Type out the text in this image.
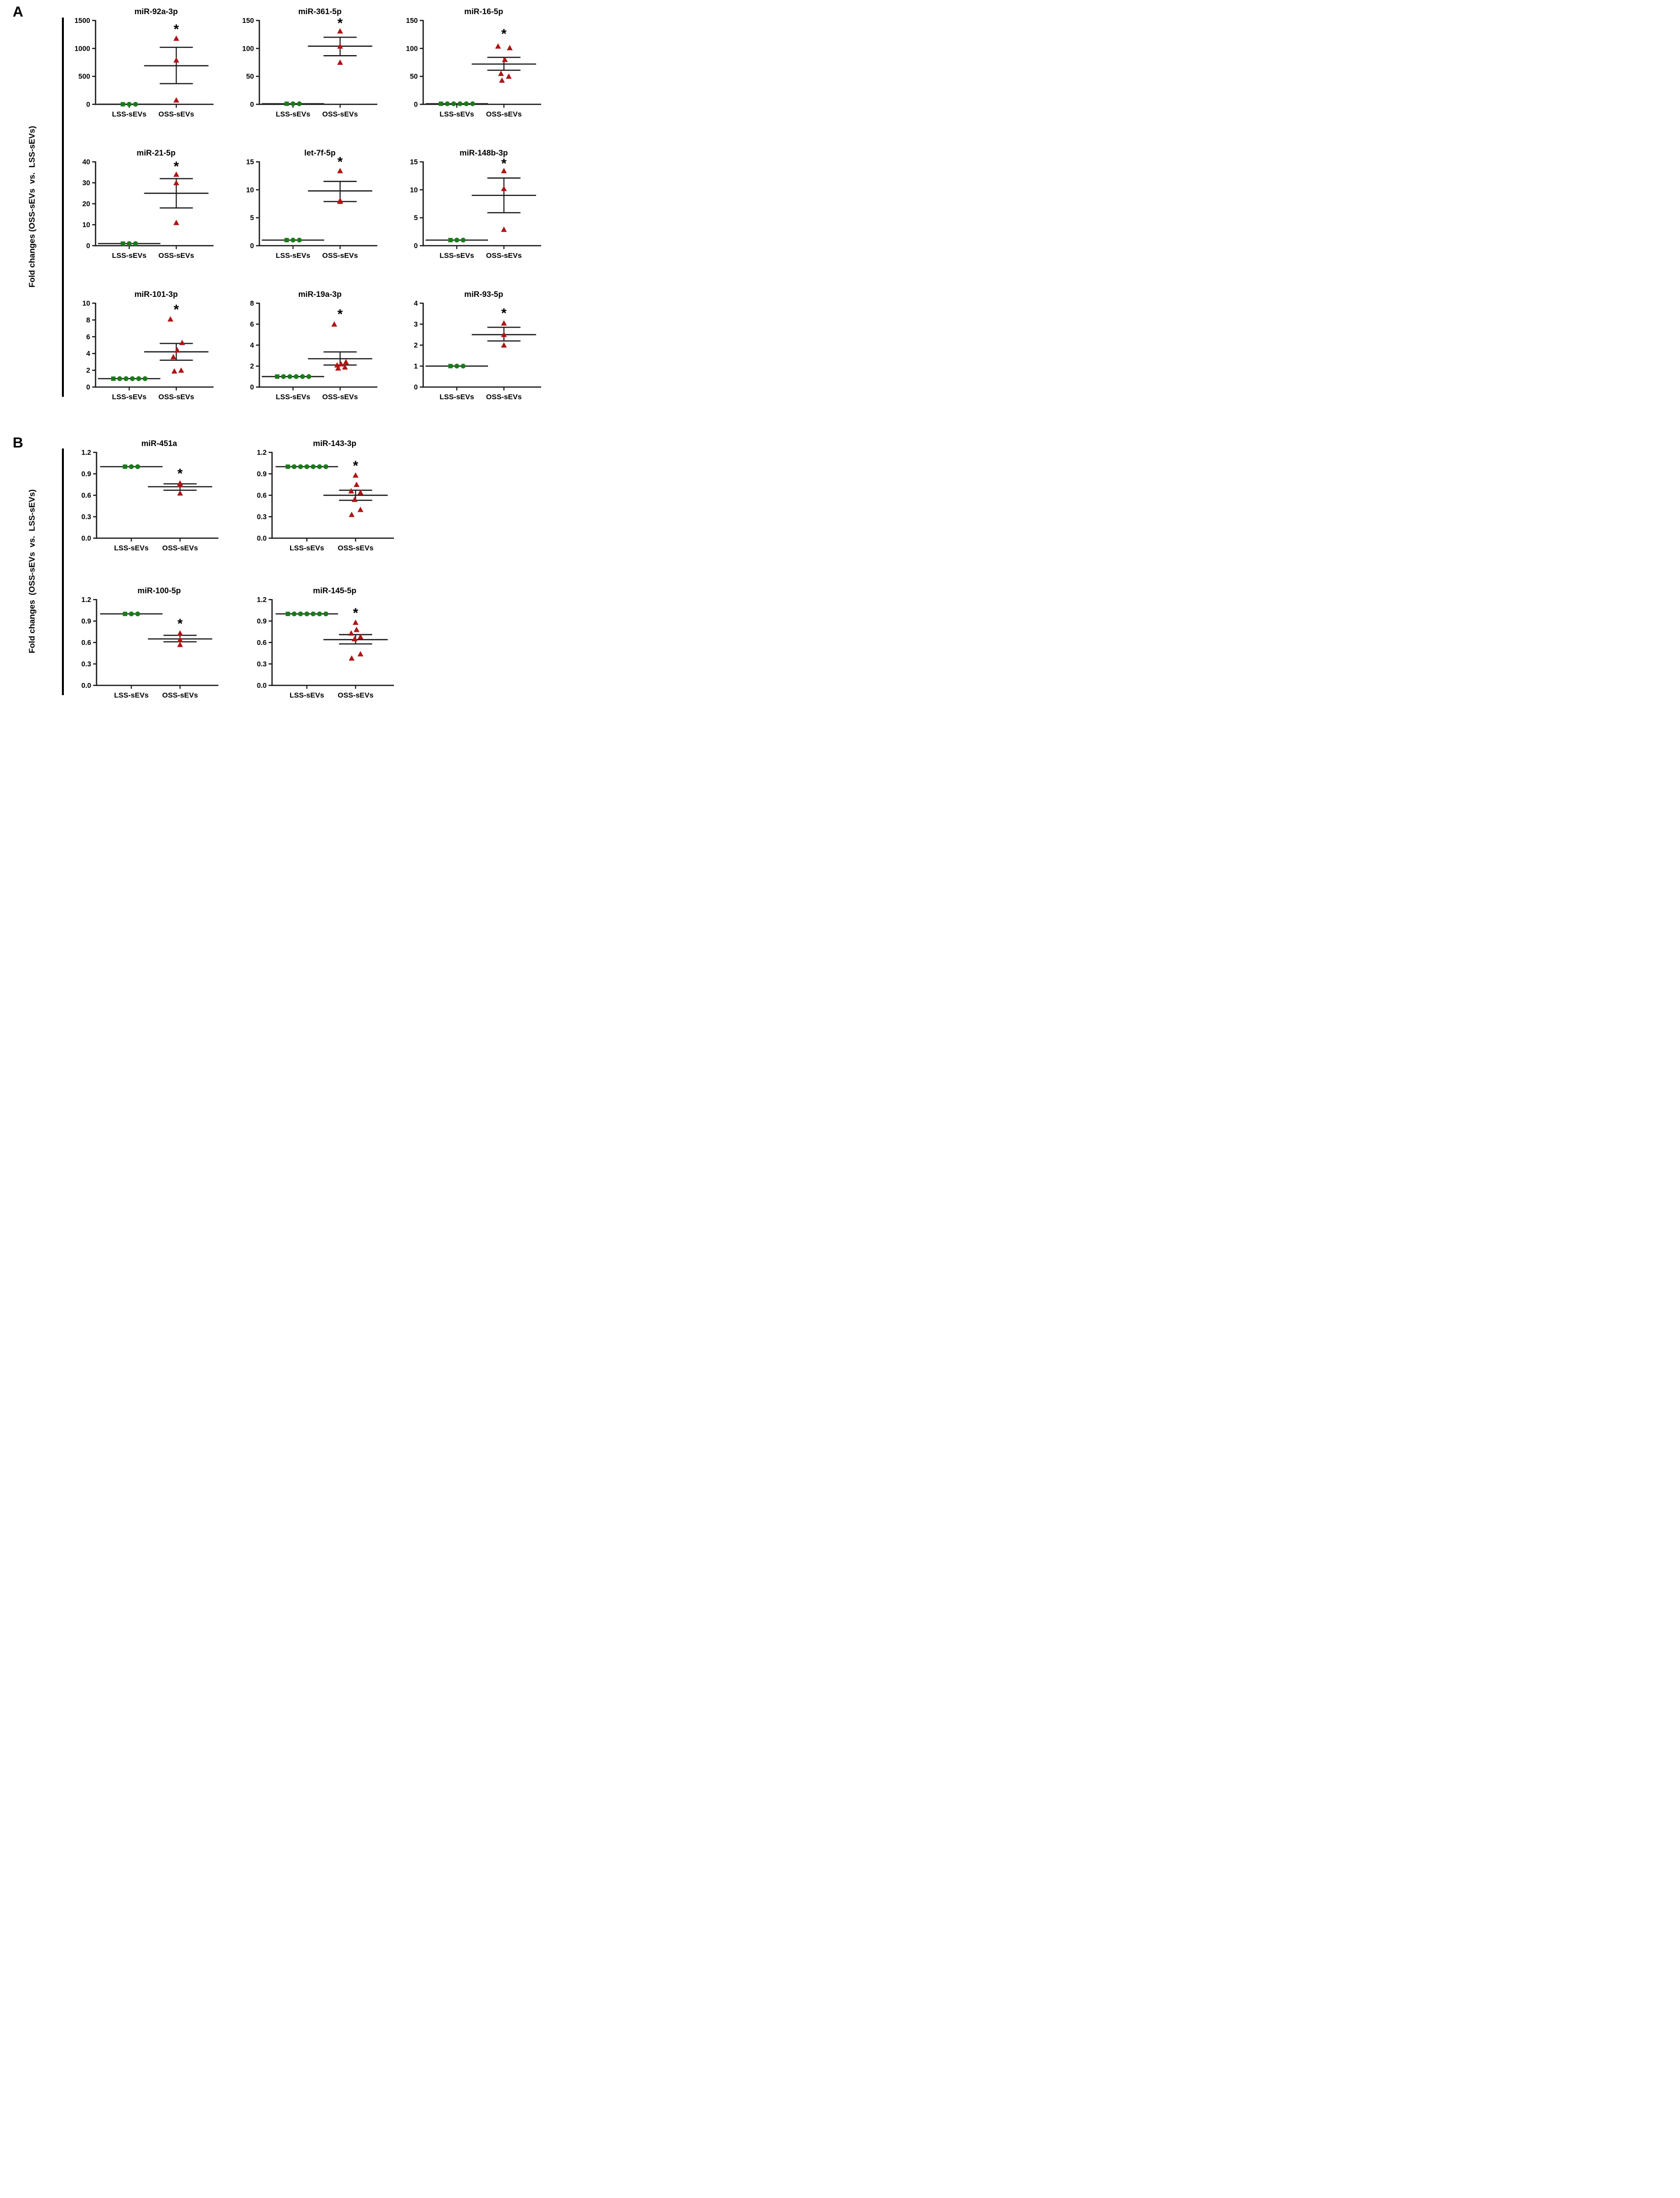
A
Fold changes (OSS-sEVs  vs.  LSS-sEVs)
miR-92a-3p
0
500
1000
1500
LSS-sEVs OSS-sEVs
*
miR-361-5p
0
50
100
150
LSS-sEVs OSS-sEVs
*
miR-16-5p
0
50
100
150
LSS-sEVs OSS-sEVs
*
miR-21-5p
0
10
20
30
40
LSS-sEVs OSS-sEVs
*
let-7f-5p
0
5
10
15
LSS-sEVs OSS-sEVs
*
miR-148b-3p
0
5
10
15
LSS-sEVs OSS-sEVs
*
miR-101-3p
0
2
4
6
8
10
LSS-sEVs OSS-sEVs
*
miR-19a-3p
0
2
4
6
8
LSS-sEVs OSS-sEVs
*
miR-93-5p
0
1
2
3
4
LSS-sEVs OSS-sEVs
*
B
Fold changes  (OSS-sEVs  vs.  LSS-sEVs)
miR-451a
0.0
0.3
0.6
0.9
1.2
LSS-sEVs OSS-sEVs
*
miR-143-3p
0.0
0.3
0.6
0.9
1.2
LSS-sEVs OSS-sEVs
*
miR-100-5p
0.0
0.3
0.6
0.9
1.2
LSS-sEVs OSS-sEVs
*
miR-145-5p
0.0
0.3
0.6
0.9
1.2
LSS-sEVs OSS-sEVs
*
